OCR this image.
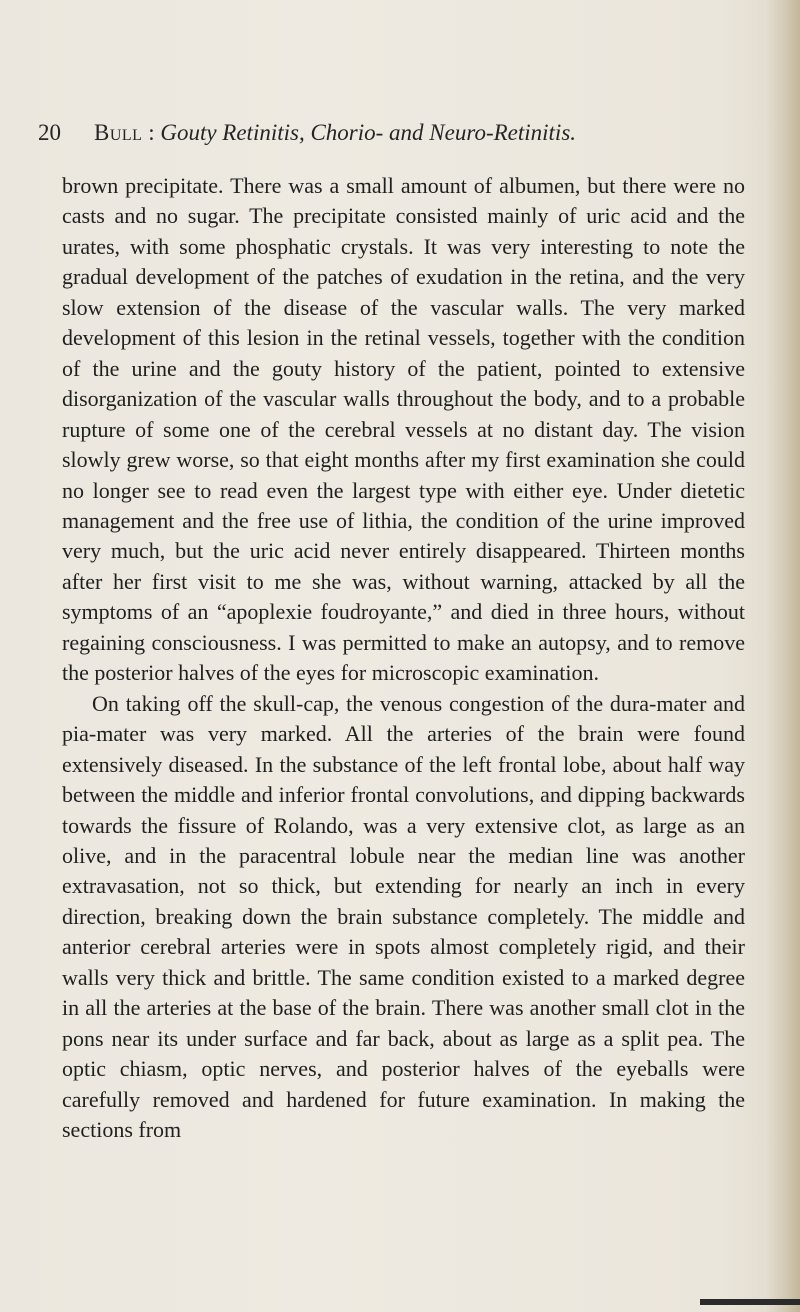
20 Bull : Gouty Retinitis, Chorio- and Neuro-Retinitis.

brown precipitate. There was a small amount of albumen, but there were no casts and no sugar. The precipitate consisted mainly of uric acid and the urates, with some phosphatic crystals. It was very interesting to note the gradual development of the patches of exudation in the retina, and the very slow extension of the disease of the vascular walls. The very marked development of this lesion in the retinal vessels, together with the condition of the urine and the gouty history of the patient, pointed to extensive disorganization of the vascular walls throughout the body, and to a probable rupture of some one of the cerebral vessels at no distant day. The vision slowly grew worse, so that eight months after my first examination she could no longer see to read even the largest type with either eye. Under dietetic management and the free use of lithia, the condition of the urine improved very much, but the uric acid never entirely disappeared. Thirteen months after her first visit to me she was, without warning, attacked by all the symptoms of an “apoplexie foudroyante,” and died in three hours, without regaining consciousness. I was permitted to make an autopsy, and to remove the posterior halves of the eyes for microscopic examination.

On taking off the skull-cap, the venous congestion of the dura-mater and pia-mater was very marked. All the arteries of the brain were found extensively diseased. In the substance of the left frontal lobe, about half way between the middle and inferior frontal convolutions, and dipping backwards towards the fissure of Rolando, was a very extensive clot, as large as an olive, and in the paracentral lobule near the median line was another extravasation, not so thick, but extending for nearly an inch in every direction, breaking down the brain substance completely. The middle and anterior cerebral arteries were in spots almost completely rigid, and their walls very thick and brittle. The same condition existed to a marked degree in all the arteries at the base of the brain. There was another small clot in the pons near its under surface and far back, about as large as a split pea. The optic chiasm, optic nerves, and posterior halves of the eyeballs were carefully removed and hardened for future examination. In making the sections from
